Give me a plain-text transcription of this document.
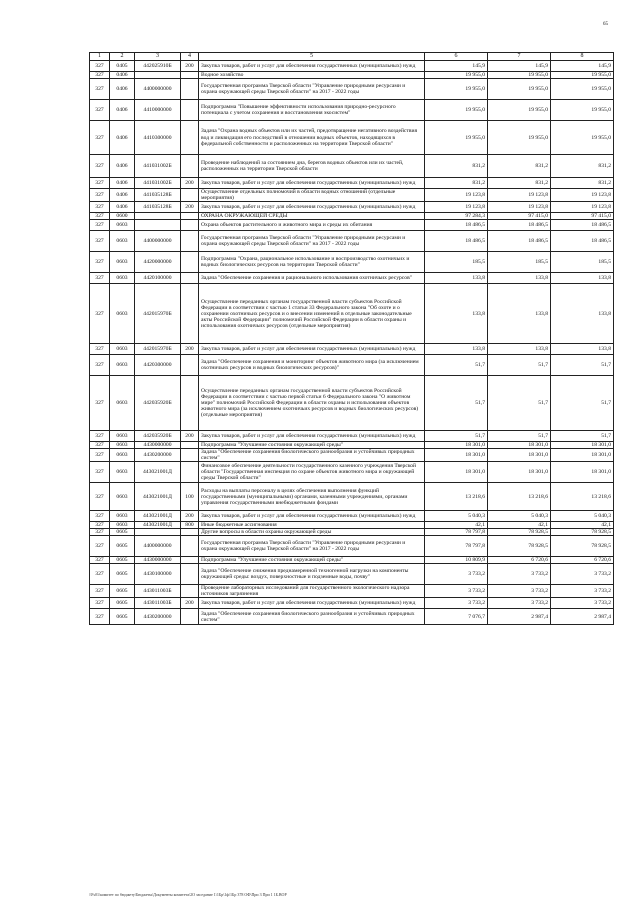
65
1	2	3	4	5	6	7	8
327	0405	442025910Б	200	Закупка товаров, работ и услуг для обеспечения государственных (муниципальных) нужд	145,9	145,9	145,9
327	0406			Водное хозяйство	19 955,0	19 955,0	19 955,0
327	0406	4400000000		Государственная программа Тверской области "Управление природными ресурсами и охрана окружающей среды Тверской области" на 2017 - 2022 годы	19 955,0	19 955,0	19 955,0
327	0406	4410000000		Подпрограмма "Повышение эффективности использования природно-ресурсного потенциала с учетом сохранения и восстановления экосистем"	19 955,0	19 955,0	19 955,0
327	0406	4410300000		Задача "Охрана водных объектов или их частей, предотвращение негативного воздействия вод и ликвидация его последствий в отношении водных объектов, находящихся в федеральной собственности и расположенных на территории Тверской области"	19 955,0	19 955,0	19 955,0
327	0406	441031002Б		Проведение наблюдений за состоянием дна, берегов водных объектов или их частей, расположенных на территории Тверской области	831,2	831,2	831,2
327	0406	441031002Б	200	Закупка товаров, работ и услуг для обеспечения государственных (муниципальных) нужд	831,2	831,2	831,2
327	0406	441035128Б		Осуществление отдельных полномочий в области водных отношений (отдельные мероприятия)	19 123,8	19 123,8	19 123,8
327	0406	441035128Б	200	Закупка товаров, работ и услуг для обеспечения государственных (муниципальных) нужд	19 123,8	19 123,8	19 123,8
327	0600			ОХРАНА ОКРУЖАЮЩЕЙ СРЕДЫ	97 284,3	97 415,0	97 415,0
327	0603			Охрана объектов растительного и животного мира и среды их обитания	18 486,5	18 486,5	18 486,5
327	0603	4400000000		Государственная программа Тверской области "Управление природными ресурсами и охрана окружающей среды Тверской области" на 2017 - 2022 годы	18 486,5	18 486,5	18 486,5
327	0603	4420000000		Подпрограмма "Охрана, рациональное использование и воспроизводство охотничьих и водных биологических ресурсов на территории Тверской области"	185,5	185,5	185,5
327	0603	4420100000		Задача "Обеспечение сохранения и рационального использования охотничьих ресурсов"	133,8	133,8	133,8
327	0603	442015970Б		Осуществление переданных органам государственной власти субъектов Российской Федерации в соответствии с частью 1 статьи 33 Федерального закона "Об охоте и о сохранении охотничьих ресурсов и о внесении изменений в отдельные законодательные акты Российской Федерации" полномочий Российской Федерации в области охраны и использования охотничьих ресурсов (отдельные мероприятия)	133,8	133,8	133,8
327	0603	442015970Б	200	Закупка товаров, работ и услуг для обеспечения государственных (муниципальных) нужд	133,8	133,8	133,8
327	0603	4420300000		Задача "Обеспечение сохранения и мониторинг объектов животного мира (за исключением охотничьих ресурсов и водных биологических ресурсов)"	51,7	51,7	51,7
327	0603	442035920Б		Осуществление переданных органам государственной власти субъектов Российской Федерации в соответствии с частью первой статьи 6 Федерального закона "О животном мире" полномочий Российской Федерации в области охраны и использования объектов животного мира (за исключением охотничьих ресурсов и водных биологических ресурсов) (отдельные мероприятия)	51,7	51,7	51,7
327	0603	442035920Б	200	Закупка товаров, работ и услуг для обеспечения государственных (муниципальных) нужд	51,7	51,7	51,7
327	0603	4430000000		Подпрограмма "Улучшение состояния окружающей среды"	18 301,0	18 301,0	18 301,0
327	0603	4430200000		Задача "Обеспечение сохранения биологического разнообразия и устойчивых природных систем"	18 301,0	18 301,0	18 301,0
327	0603	443021001Д		Финансовое обеспечение деятельности государственного казенного учреждения Тверской области "Государственная инспекция по охране объектов животного мира и окружающей среды Тверской области"	18 301,0	18 301,0	18 301,0
327	0603	443021001Д	100	Расходы на выплаты персоналу в целях обеспечения выполнения функций государственными (муниципальными) органами, казенными учреждениями, органами управления государственными внебюджетными фондами	13 218,6	13 218,6	13 218,6
327	0603	443021001Д	200	Закупка товаров, работ и услуг для обеспечения государственных (муниципальных) нужд	5 040,3	5 040,3	5 040,3
327	0603	443021001Д	800	Иные бюджетные ассигнования	42,1	42,1	42,1
327	0605			Другие вопросы в области охраны окружающей среды	78 797,8	78 928,5	78 928,5
327	0605	4400000000		Государственная программа Тверской области "Управление природными ресурсами и охрана окружающей среды Тверской области" на 2017 - 2022 годы	78 797,8	78 928,5	78 928,5
327	0605	4430000000		Подпрограмма "Улучшение состояния окружающей среды"	10 809,9	6 720,6	6 720,6
327	0605	4430100000		Задача "Обеспечение снижения преднамеренной техногенной нагрузки на компоненты окружающей среды: воздух, поверхностные и подземные воды, почву"	3 733,2	3 733,2	3 733,2
327	0605	443011003Б		Проведение лабораторных исследований для государственного экологического надзора источников загрязнения	3 733,2	3 733,2	3 733,2
327	0605	443011003Б	200	Закупка товаров, работ и услуг для обеспечения государственных (муниципальных) нужд	3 733,2	3 733,2	3 733,2
327	0605	4430200000		Задача "Обеспечение сохранения биологического разнообразия и устойчивых природных систем"	7 076,7	2 987,4	2 987,4
\\Fs01\комитет по бюджету\Бюджеты\Документы комитета\2О заседание 1\1Бр\1ф\1Бр 378 ОФ\При 3 При 1 1Б.ВОР
